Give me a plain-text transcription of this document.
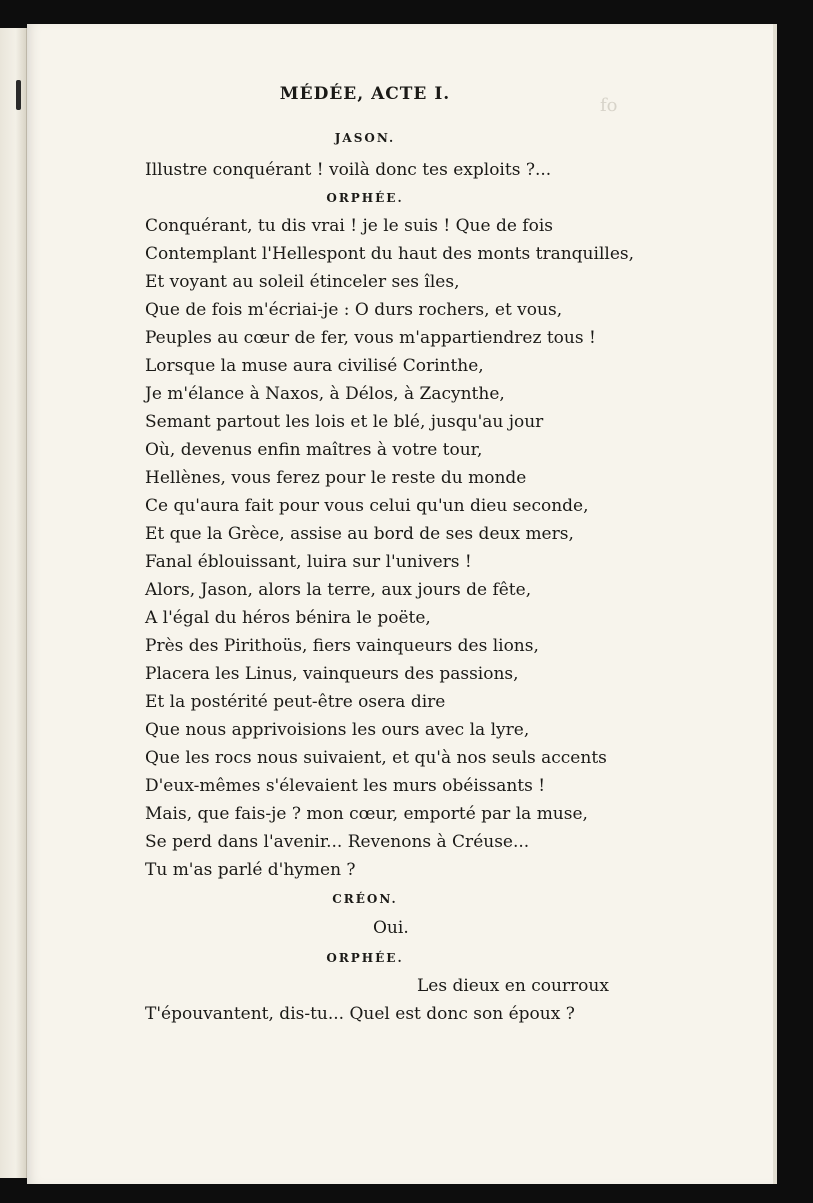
fo
MÉDÉE, ACTE I.
JASON.
Illustre conquérant ! voilà donc tes exploits ?...
ORPHÉE.
Conquérant, tu dis vrai ! je le suis ! Que de fois
Contemplant l'Hellespont du haut des monts tranquilles,
Et voyant au soleil étinceler ses îles,
Que de fois m'écriai-je : O durs rochers, et vous,
Peuples au cœur de fer, vous m'appartiendrez tous !
Lorsque la muse aura civilisé Corinthe,
Je m'élance à Naxos, à Délos, à Zacynthe,
Semant partout les lois et le blé, jusqu'au jour
Où, devenus enfin maîtres à votre tour,
Hellènes, vous ferez pour le reste du monde
Ce qu'aura fait pour vous celui qu'un dieu seconde,
Et que la Grèce, assise au bord de ses deux mers,
Fanal éblouissant, luira sur l'univers !
Alors, Jason, alors la terre, aux jours de fête,
A l'égal du héros bénira le poëte,
Près des Pirithoüs, fiers vainqueurs des lions,
Placera les Linus, vainqueurs des passions,
Et la postérité peut-être osera dire
Que nous apprivoisions les ours avec la lyre,
Que les rocs nous suivaient, et qu'à nos seuls accents
D'eux-mêmes s'élevaient les murs obéissants !
Mais, que fais-je ? mon cœur, emporté par la muse,
Se perd dans l'avenir... Revenons à Créuse...
Tu m'as parlé d'hymen ?
CRÉON.
Oui.
ORPHÉE.
Les dieux en courroux
T'épouvantent, dis-tu... Quel est donc son époux ?
